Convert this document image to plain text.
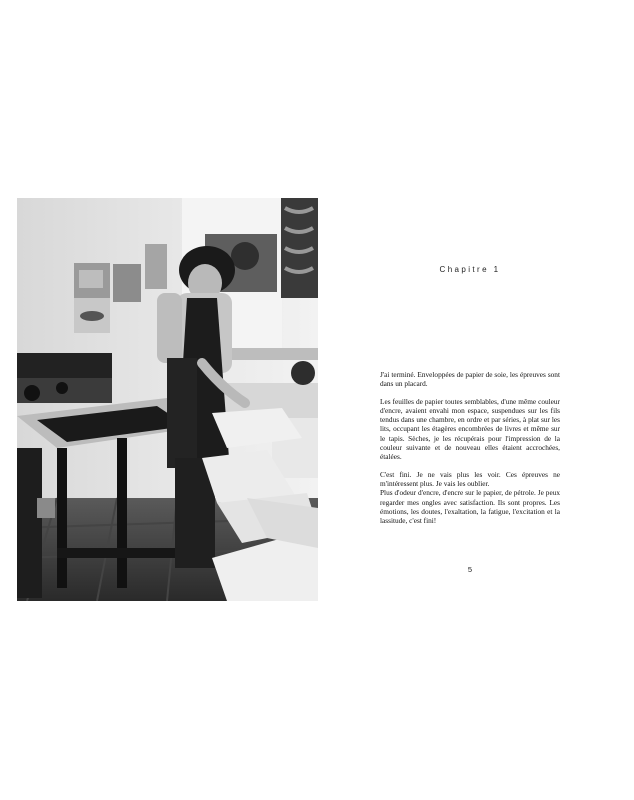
Chapitre 1

J'ai terminé. Enveloppées de papier de soie, les épreuves sont dans un placard.

Les feuilles de papier toutes semblables, d'une même couleur d'encre, avaient envahi mon espace, suspendues sur les fils tendus dans une chambre, en ordre et par séries, à plat sur les lits, occupant les étagères encombrées de livres et même sur le tapis. Sèches, je les récupérais pour l'impression de la couleur suivante et de nouveau elles étaient accrochées, étalées.

C'est fini. Je ne vais plus les voir. Ces épreuves ne m'intéressent plus. Je vais les oublier.
Plus d'odeur d'encre, d'encre sur le papier, de pétrole. Je peux regarder mes ongles avec satisfaction. Ils sont propres. Les émotions, les doutes, l'exaltation, la fatigue, l'excitation et la lassitude, c'est fini!

5
